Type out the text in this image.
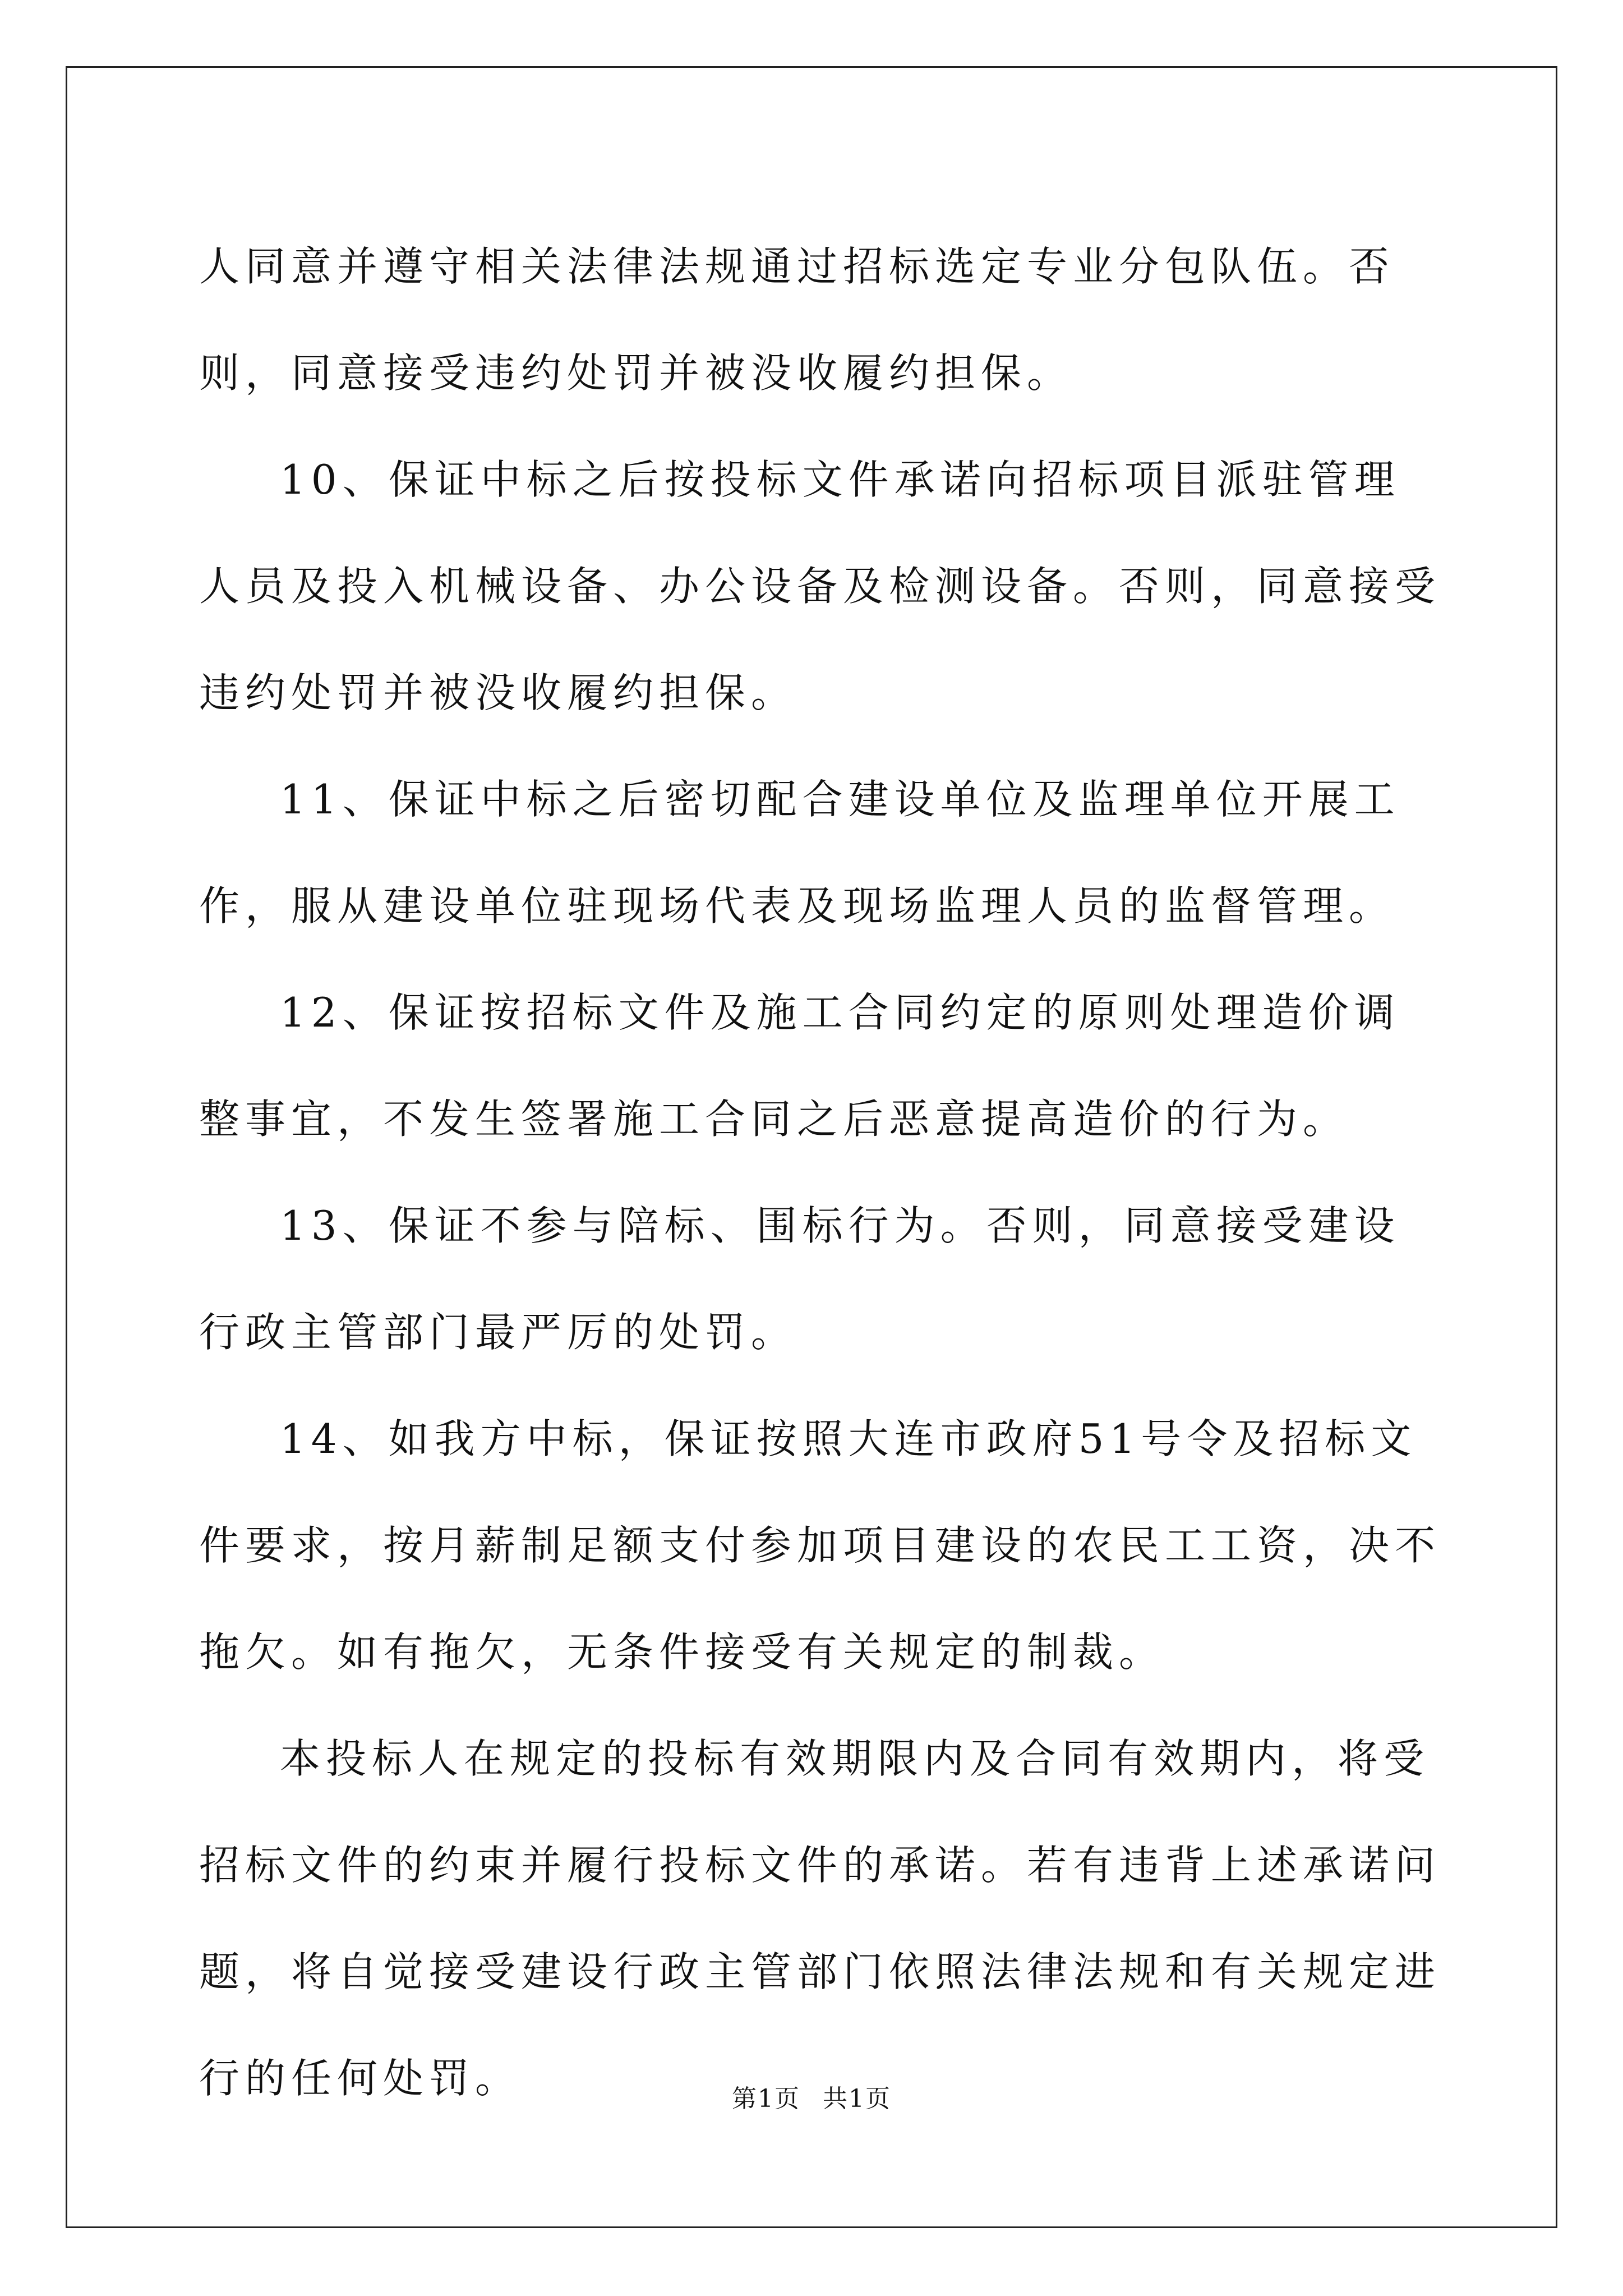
人同意并遵守相关法律法规通过招标选定专业分包队伍。否则，同意接受违约处罚并被没收履约担保。

10、保证中标之后按投标文件承诺向招标项目派驻管理人员及投入机械设备、办公设备及检测设备。否则，同意接受违约处罚并被没收履约担保。

11、保证中标之后密切配合建设单位及监理单位开展工作，服从建设单位驻现场代表及现场监理人员的监督管理。

12、保证按招标文件及施工合同约定的原则处理造价调整事宜，不发生签署施工合同之后恶意提高造价的行为。

13、保证不参与陪标、围标行为。否则，同意接受建设行政主管部门最严厉的处罚。

14、如我方中标，保证按照大连市政府51号令及招标文件要求，按月薪制足额支付参加项目建设的农民工工资，决不拖欠。如有拖欠，无条件接受有关规定的制裁。

本投标人在规定的投标有效期限内及合同有效期内，将受招标文件的约束并履行投标文件的承诺。若有违背上述承诺问题，将自觉接受建设行政主管部门依照法律法规和有关规定进行的任何处罚。	第1页 共1页
